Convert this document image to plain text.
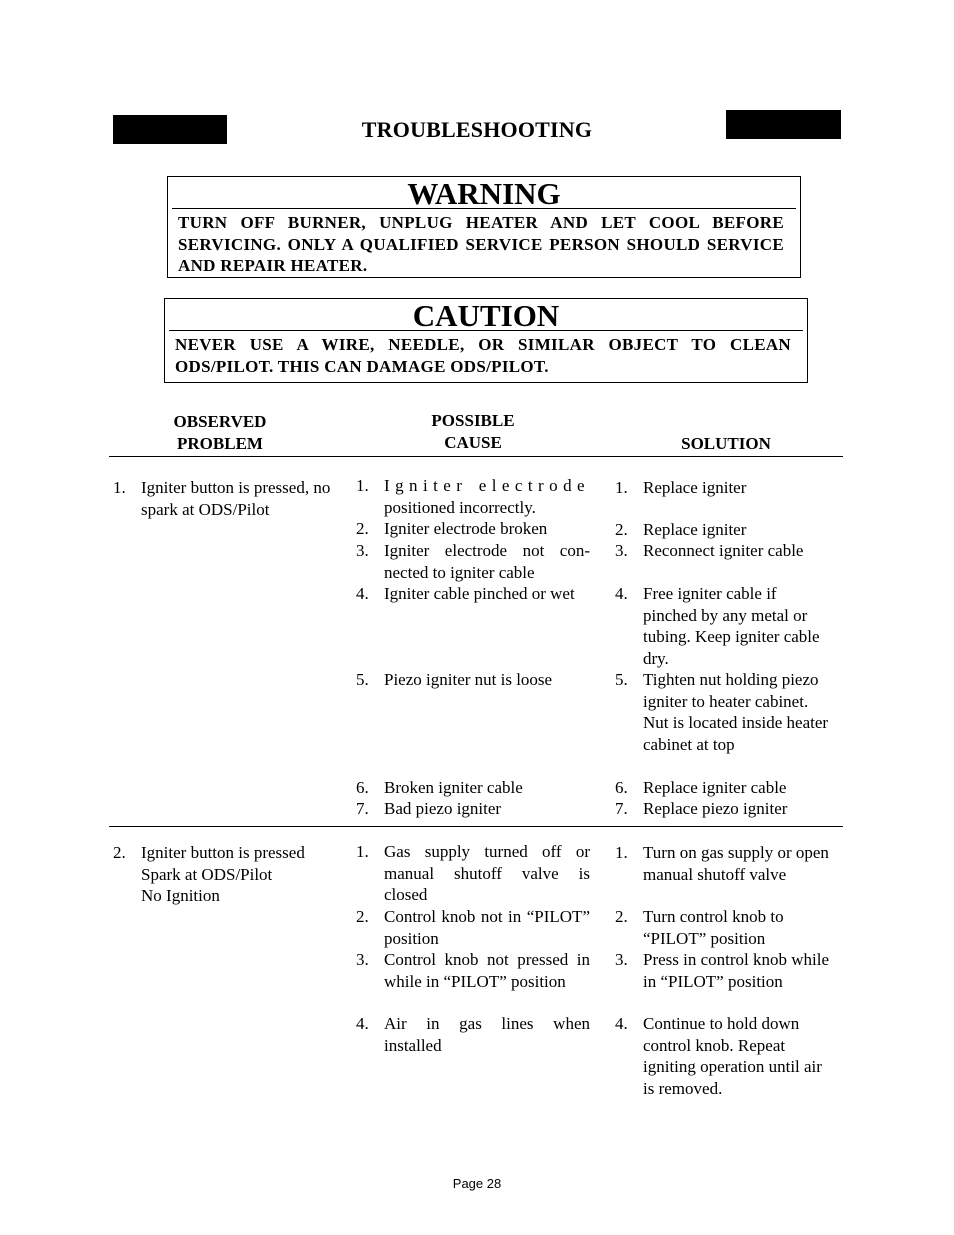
TROUBLESHOOTING
WARNING
TURN OFF BURNER, UNPLUG HEATER AND LET COOL BEFORE SERVICING. ONLY A QUALIFIED SERVICE PERSON SHOULD SERVICE AND REPAIR HEATER.
CAUTION
NEVER USE A WIRE, NEEDLE, OR SIMILAR OBJECT TO CLEAN ODS/PILOT. THIS CAN DAMAGE ODS/PILOT.
OBSERVED
PROBLEM
POSSIBLE
CAUSE	SOLUTION
1. Igniter button is pressed, no spark at ODS/Pilot
1. Igniter electrode
positioned incorrectly.
2. Igniter electrode broken
3. Igniter electrode not con-nected to igniter cable
4. Igniter cable pinched or wet
5. Piezo igniter nut is loose
6. Broken igniter cable
7. Bad piezo igniter
1. Replace igniter
2. Replace igniter
3. Reconnect igniter cable
4. Free igniter cable if pinched by any metal or tubing. Keep igniter cable dry.
5. Tighten nut holding piezo igniter to heater cabinet. Nut is located inside heater cabinet at top
6. Replace igniter cable
7. Replace piezo igniter
2. Igniter button is pressed
Spark at ODS/Pilot
No Ignition
1. Gas supply turned off or manual shutoff valve is closed
2. Control knob not in “PILOT” position
3. Control knob not pressed in while in “PILOT” position
4. Air in gas lines when installed
1. Turn on gas supply or open manual shutoff valve
2. Turn control knob to “PILOT” position
3. Press in control knob while in “PILOT” position
4. Continue to hold down control knob. Repeat igniting operation until air is removed.
Page 28
